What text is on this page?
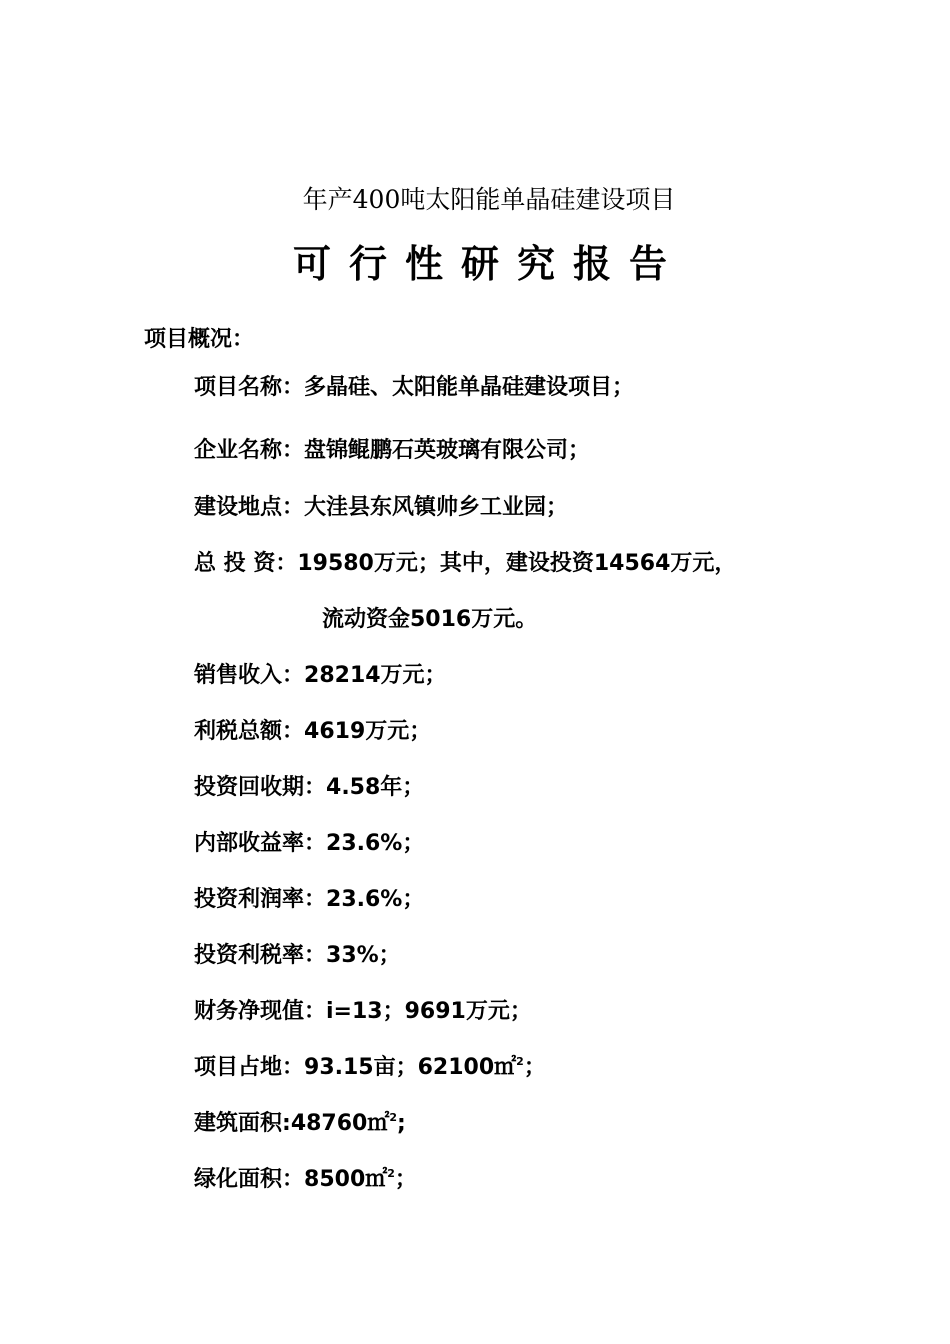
年产400吨太阳能单晶硅建设项目
可行性研究报告
项目概况：
项目名称：多晶硅、太阳能单晶硅建设项目；
企业名称：盘锦鲲鹏石英玻璃有限公司；
建设地点：大洼县东风镇帅乡工业园；
总 投 资：19580万元；其中，建设投资14564万元，
流动资金5016万元。
销售收入：28214万元；
利税总额：4619万元；
投资回收期：4.58年；
内部收益率：23.6%；
投资利润率：23.6%；
投资利税率：33%；
财务净现值：i=13；9691万元；
项目占地：93.15亩；62100㎡$^2$；
建筑面积:48760㎡$^2$;
绿化面积：8500㎡$^2$；
